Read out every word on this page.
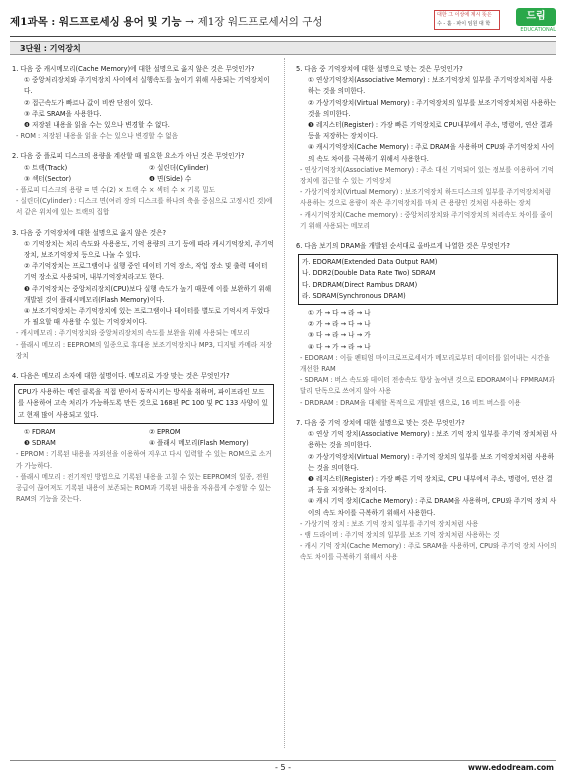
제1과목 : 워드프로세싱 용어 및 기능 → 제1장 워드프로세서의 구성
대한 그 이상에 계시 뜻은
수 - 훌 · 파이 임원 대 학
드림
EDUCATIONAL
3단원 : 기억장치
1. 다음 중 캐시메모리(Cache Memory)에 대한 설명으로 옳지 않은 것은 무엇인가?
① 중앙처리장치와 주기억장치 사이에서 실행속도를 높이기 위해 사용되는 기억장치이다.
② 접근속도가 빠르나 값이 비싼 단점이 있다.
③ 주로 SRAM을 사용한다.
❹ 저장된 내용을 읽을 수는 있으나 변경할 수 없다.
- ROM : 저장된 내용을 읽을 수는 있으나 변경할 수 없음
2. 다음 중 플로피 디스크의 용량을 계산할 때 필요한 요소가 아닌 것은 무엇인가?
① 트랙(Track)	② 실린더(Cylinder)
③ 섹터(Sector)	❹ 면(Side) 수
- 플로피 디스크의 용량 = 면 수(2) × 트랙 수 × 섹터 수 × 기록 밀도
- 실린더(Cylinder) : 디스크 면(여러 장의 디스크를 하나의 축을 중심으로 고정시킨 것)에서 같은 위치에 있는 트랙의 집합
3. 다음 중 기억장치에 대한 설명으로 옳지 않은 것은?
① 기억장치는 처리 속도와 사용용도, 기억 용량의 크기 등에 따라 캐시기억장치, 주기억장치, 보조기억장치 등으로 나눌 수 있다.
② 주기억장치는 프로그램이나 실행 중인 데이터 기억 장소, 작업 장소 및 출력 데이터 기억 장소로 사용되며, 내부기억장치라고도 한다.
❸ 주기억장치는 중앙처리장치(CPU)보다 실행 속도가 높기 때문에 이를 보완하기 위해 개발된 것이 플래시메모리(Flash Memory)이다.
④ 보조기억장치는 주기억장치에 있는 프로그램이나 데이터를 별도로 기억시켜 두었다가 필요할 때 사용할 수 있는 기억장치이다.
- 캐시메모리 : 주기억장치와 중앙처리장치의 속도를 보완을 위해 사용되는 메모리
- 플래시 메모리 : EEPROM의 일종으로 휴대용 보조기억장치나 MP3, 디지털 카메라 저장 장치
4. 다음은 메모리 소자에 대한 설명이다. 메모리로 가장 맞는 것은 무엇인가?
CPU가 사용하는 메인 클록을 직접 받아서 동작시키는 방식을 취하며, 파이프라인 모드를 사용하여 고속 처리가 가능하도록 만든 것으로 168핀 PC 100 및 PC 133 사양이 있고 현재 많이 사용되고 있다.
① FDRAM	② EPROM
❸ SDRAM	④ 플래시 메모리(Flash Memory)
- EPROM : 기록된 내용을 자외선을 이용하여 지우고 다시 입력할 수 있는 ROM으로 소거가 가능하다.
- 플래시 메모리 : 전기적인 방법으로 기록된 내용을 고칠 수 있는 EEPROM의 일종, 전원공급이 끊어져도 기록된 내용이 보존되는 ROM과 기록된 내용을 자유롭게 수정할 수 있는 RAM의 기능을 갖는다.
5. 다음 중 기억장치에 대한 설명으로 맞는 것은 무엇인가?
① 연상기억장치(Associative Memory) : 보조기억장치 일부를 주기억장치처럼 사용하는 것을 의미한다.
② 가상기억장치(Virtual Memory) : 주기억장치의 일부를 보조기억장치처럼 사용하는 것을 의미한다.
❸ 레지스터(Register) : 가장 빠른 기억장치로 CPU내부에서 주소, 명령어, 연산 결과 등을 저장하는 장치이다.
④ 캐시기억장치(Cache Memory) : 주로 DRAM을 사용하며 CPU와 주기억장치 사이의 속도 차이를 극복하기 위해서 사용한다.
- 연상기억장치(Associative Memory) : 주소 대신 기억되어 있는 정보를 이용하여 기억 장치에 접근할 수 있는 기억장치
- 가상기억장치(Virtual Memory) : 보조기억장치 하드디스크의 일부를 주기억장치처럼 사용하는 것으로 용량이 작은 주기억장치를 마치 큰 용량인 것처럼 사용하는 장치
- 캐시기억장치(Cache memory) : 중앙처리장치와 주기억장치의 처리속도 차이를 줄이기 위해 사용되는 메모리
6. 다음 보기의 DRAM을 개발된 순서대로 올바르게 나열한 것은 무엇인가?
가. EDORAM(Extended Data Output RAM)
나. DDR2(Double Data Rate Two) SDRAM
다. DRDRAM(Direct Rambus DRAM)
라. SDRAM(Synchronous DRAM)
① 가 → 다 → 라 → 나
② 가 → 라 → 다 → 나
③ 다 → 라 → 나 → 가
④ 다 → 가 → 라 → 나
- EDORAM : 이들 펜티엄 마이크로프로세서가 메모리로부터 데이터를 읽어내는 시간을 개선한 RAM
- SDRAM : 버스 속도와 데이터 전송속도 향상 높여낸 것으로 EDORAM이나 FPMRAM과 달리 단독으로 쓰여지 않아 사용
- DRDRAM : DRAM을 대체할 목적으로 개발된 램으로, 16 비트 버스를 이용
7. 다음 중 기억 장치에 대한 설명으로 맞는 것은 무엇인가?
① 연상 기억 장치(Associative Memory) : 보조 기억 장치 일부를 주기억 장치처럼 사용하는 것을 의미한다.
② 가상기억장치(Virtual Memory) : 주기억 장치의 일부를 보조 기억장치처럼 사용하는 것을 의미한다.
❸ 레지스터(Register) : 가장 빠른 기억 장치로, CPU 내부에서 주소, 명령어, 연산 결과 등을 저장하는 장치이다.
④ 캐시 기억 장치(Cache Memory) : 주로 DRAM을 사용하며, CPU와 주기억 장치 사이의 속도 차이를 극복하기 위해서 사용한다.
- 가상기억 장치 : 보조 기억 장치 일부를 주기억 장치처럼 사용
- 램 드라이버 : 주기억 장치의 일부를 보조 기억 장치처럼 사용하는 것
- 캐시 기억 장치(Cache Memory) : 주로 SRAM을 사용하며, CPU와 주기억 장치 사이의 속도 차이를 극복하기 위해서 사용
- 5 -	www.edodream.com
